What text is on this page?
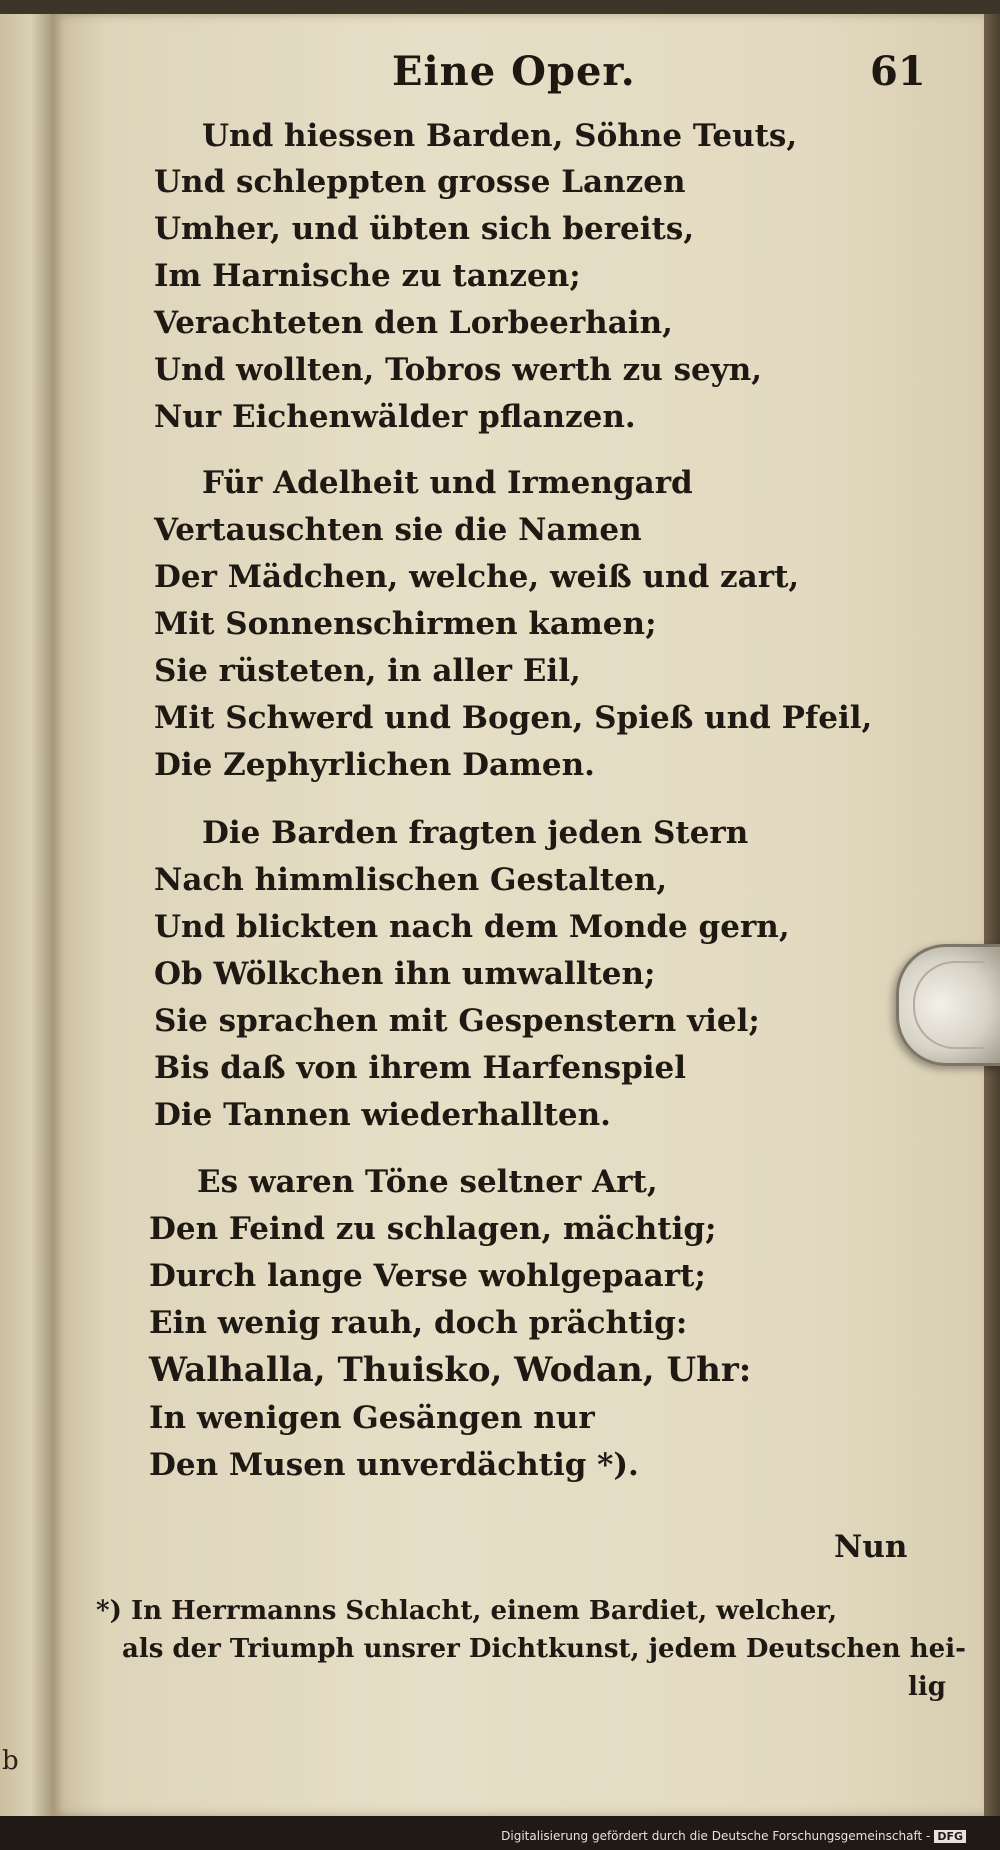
b
Eine Oper.	61
Und hiessen Barden, Söhne Teuts,
Und schleppten grosse Lanzen
Umher, und übten sich bereits,
Im Harnische zu tanzen;
Verachteten den Lorbeerhain,
Und wollten, Tobros werth zu seyn,
Nur Eichenwälder pflanzen.
Für Adelheit und Irmengard
Vertauschten sie die Namen
Der Mädchen, welche, weiß und zart,
Mit Sonnenschirmen kamen;
Sie rüsteten, in aller Eil,
Mit Schwerd und Bogen, Spieß und Pfeil,
Die Zephyrlichen Damen.
Die Barden fragten jeden Stern
Nach himmlischen Gestalten,
Und blickten nach dem Monde gern,
Ob Wölkchen ihn umwallten;
Sie sprachen mit Gespenstern viel;
Bis daß von ihrem Harfenspiel
Die Tannen wiederhallten.
Es waren Töne seltner Art,
Den Feind zu schlagen, mächtig;
Durch lange Verse wohlgepaart;
Ein wenig rauh, doch prächtig:
Walhalla, Thuisko, Wodan, Uhr:
In wenigen Gesängen nur
Den Musen unverdächtig *).
Nun
*) In Herrmanns Schlacht, einem Bardiet, welcher,
als der Triumph unsrer Dichtkunst, jedem Deutschen hei-
lig
Digitalisierung gefördert durch die Deutsche Forschungsgemeinschaft - DFG
